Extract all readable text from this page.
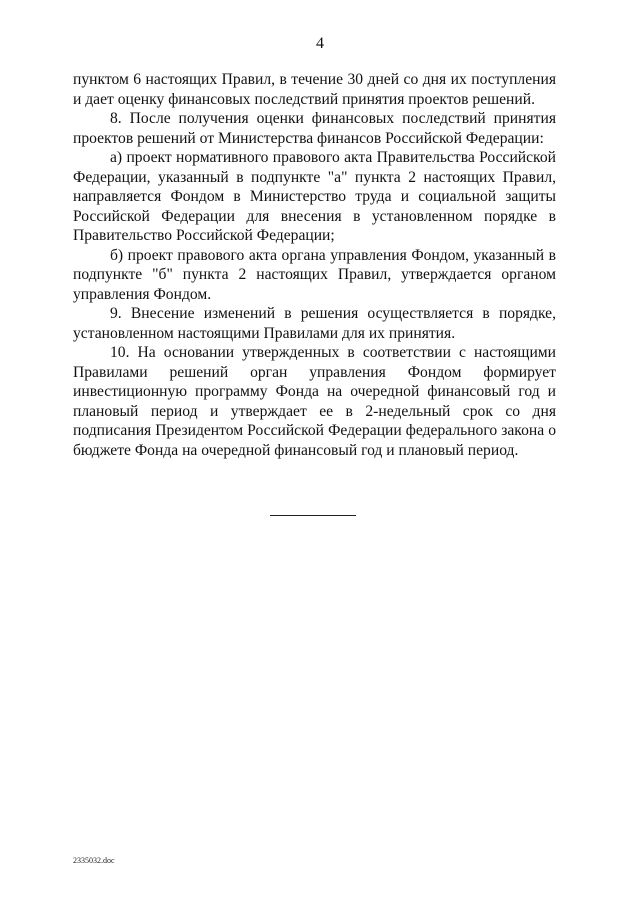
4

пунктом 6 настоящих Правил, в течение 30 дней со дня их поступления и дает оценку финансовых последствий принятия проектов решений.

8. После получения оценки финансовых последствий принятия проектов решений от Министерства финансов Российской Федерации:

а) проект нормативного правового акта Правительства Российской Федерации, указанный в подпункте "а" пункта 2 настоящих Правил, направляется Фондом в Министерство труда и социальной защиты Российской Федерации для внесения в установленном порядке в Правительство Российской Федерации;

б) проект правового акта органа управления Фондом, указанный в подпункте "б" пункта 2 настоящих Правил, утверждается органом управления Фондом.

9. Внесение изменений в решения осуществляется в порядке, установленном настоящими Правилами для их принятия.

10. На основании утвержденных в соответствии с настоящими Правилами решений орган управления Фондом формирует инвестиционную программу Фонда на очередной финансовый год и плановый период и утверждает ее в 2-недельный срок со дня подписания Президентом Российской Федерации федерального закона о бюджете Фонда на очередной финансовый год и плановый период.

2335032.doc
